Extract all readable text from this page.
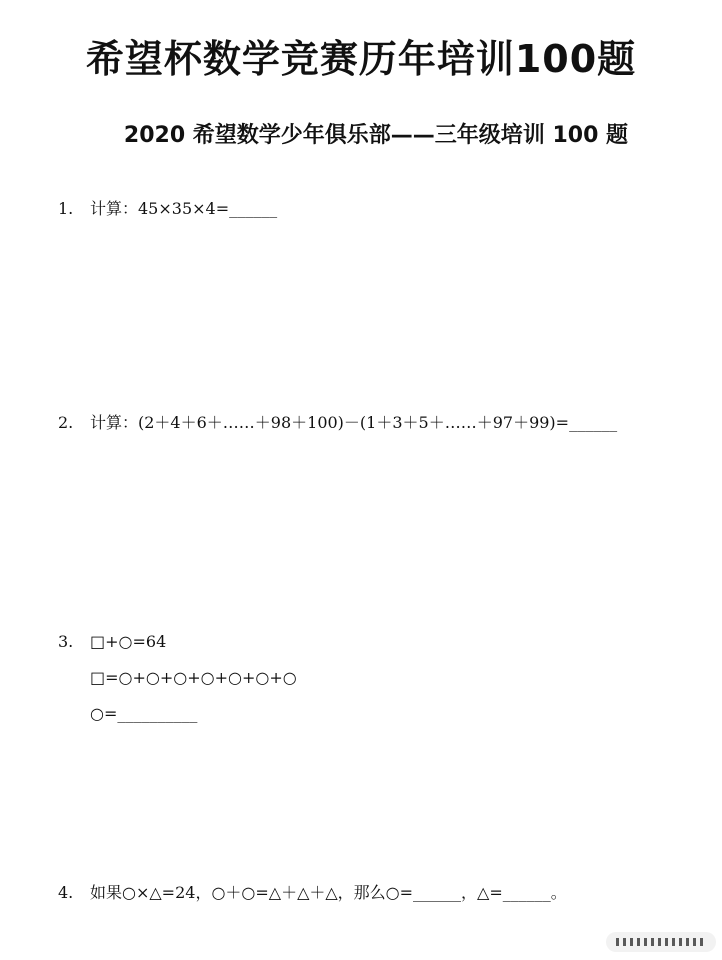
希望杯数学竞赛历年培训100题
2020 希望数学少年俱乐部——三年级培训 100 题
1. 计算：45×35×4=______
2. 计算：(2＋4＋6＋……＋98＋100)－(1＋3＋5＋……＋97＋99)=______
3. □+○=64
□=○+○+○+○+○+○+○
○=__________
4. 如果○×△=24，○＋○=△＋△＋△，那么○=______，△=______。
